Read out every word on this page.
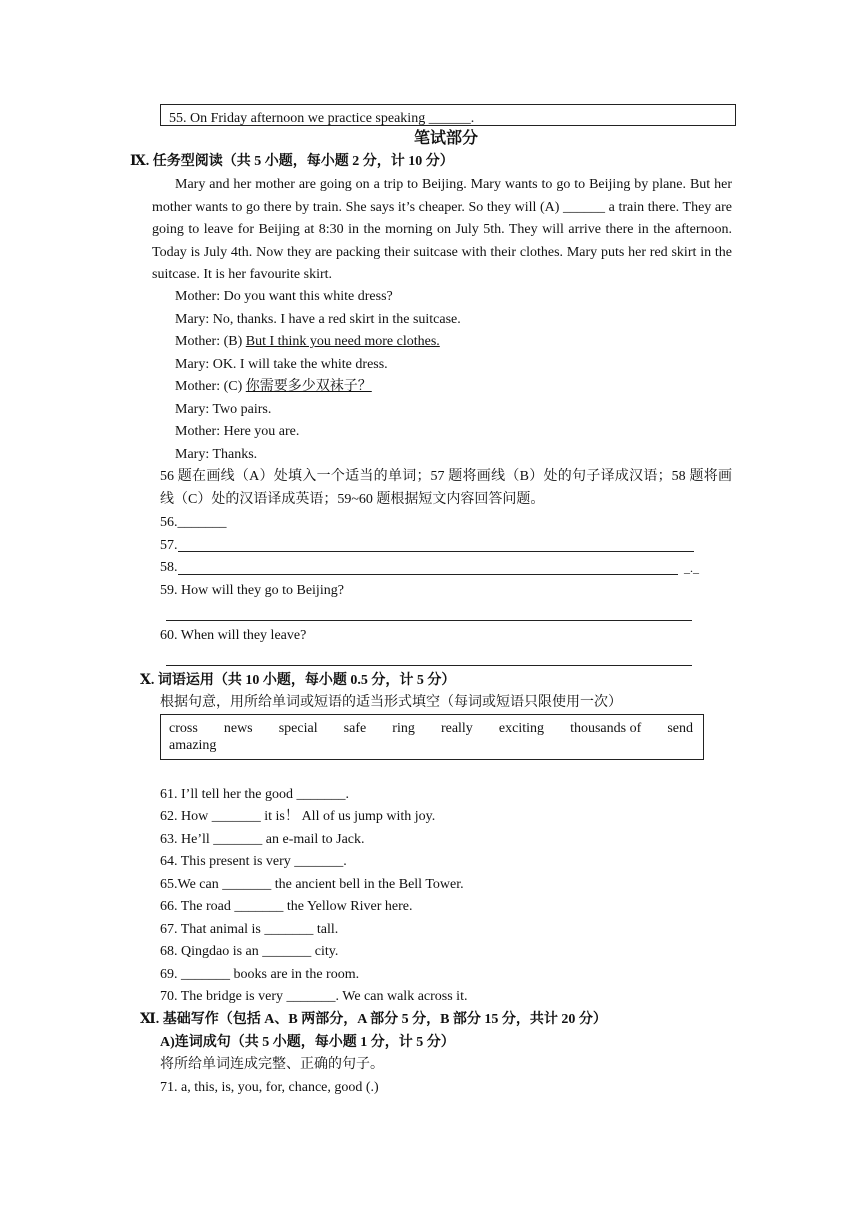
55. On Friday afternoon we practice speaking ______.
笔试部分
Ⅸ. 任务型阅读（共 5 小题，每小题 2 分，计 10 分）
Mary and her mother are going on a trip to Beijing. Mary wants to go to Beijing by plane. But her mother wants to go there by train. She says it’s cheaper. So they will (A) ______ a train there. They are going to leave for Beijing at 8:30 in the morning on July 5th. They will arrive there in the afternoon. Today is July 4th. Now they are packing their suitcase with their clothes. Mary puts her red skirt in the suitcase. It is her favourite skirt.
Mother: Do you want this white dress?
Mary: No, thanks. I have a red skirt in the suitcase.
Mother: (B) But I think you need more clothes.
Mary: OK. I will take the white dress.
Mother: (C) 你需要多少双袜子？
Mary: Two pairs.
Mother: Here you are.
Mary: Thanks.
56 题在画线（A）处填入一个适当的单词；57 题将画线（B）处的句子译成汉语；58 题将画线（C）处的汉语译成英语；59~60 题根据短文内容回答问题。
56._______
57.
58.	_._
59. How will they go to Beijing?
60. When will they leave?
Ⅹ. 词语运用（共 10 小题，每小题 0.5 分，计 5 分）
根据句意，用所给单词或短语的适当形式填空（每词或短语只限使用一次）
cross news special safe ring really exciting thousands of send
amazing
61. I’ll tell her the good _______.
62. How _______ it is！ All of us jump with joy.
63. He’ll _______ an e-mail to Jack.
64. This present is very _______.
65.We can _______ the ancient bell in the Bell Tower.
66. The road _______ the Yellow River here.
67. That animal is _______ tall.
68. Qingdao is an _______ city.
69. _______ books are in the room.
70. The bridge is very _______. We can walk across it.
Ⅺ. 基础写作（包括 A、B 两部分，A 部分 5 分，B 部分 15 分，共计 20 分）
A)连词成句（共 5 小题，每小题 1 分，计 5 分）
将所给单词连成完整、正确的句子。
71. a, this, is, you, for, chance, good (.)
